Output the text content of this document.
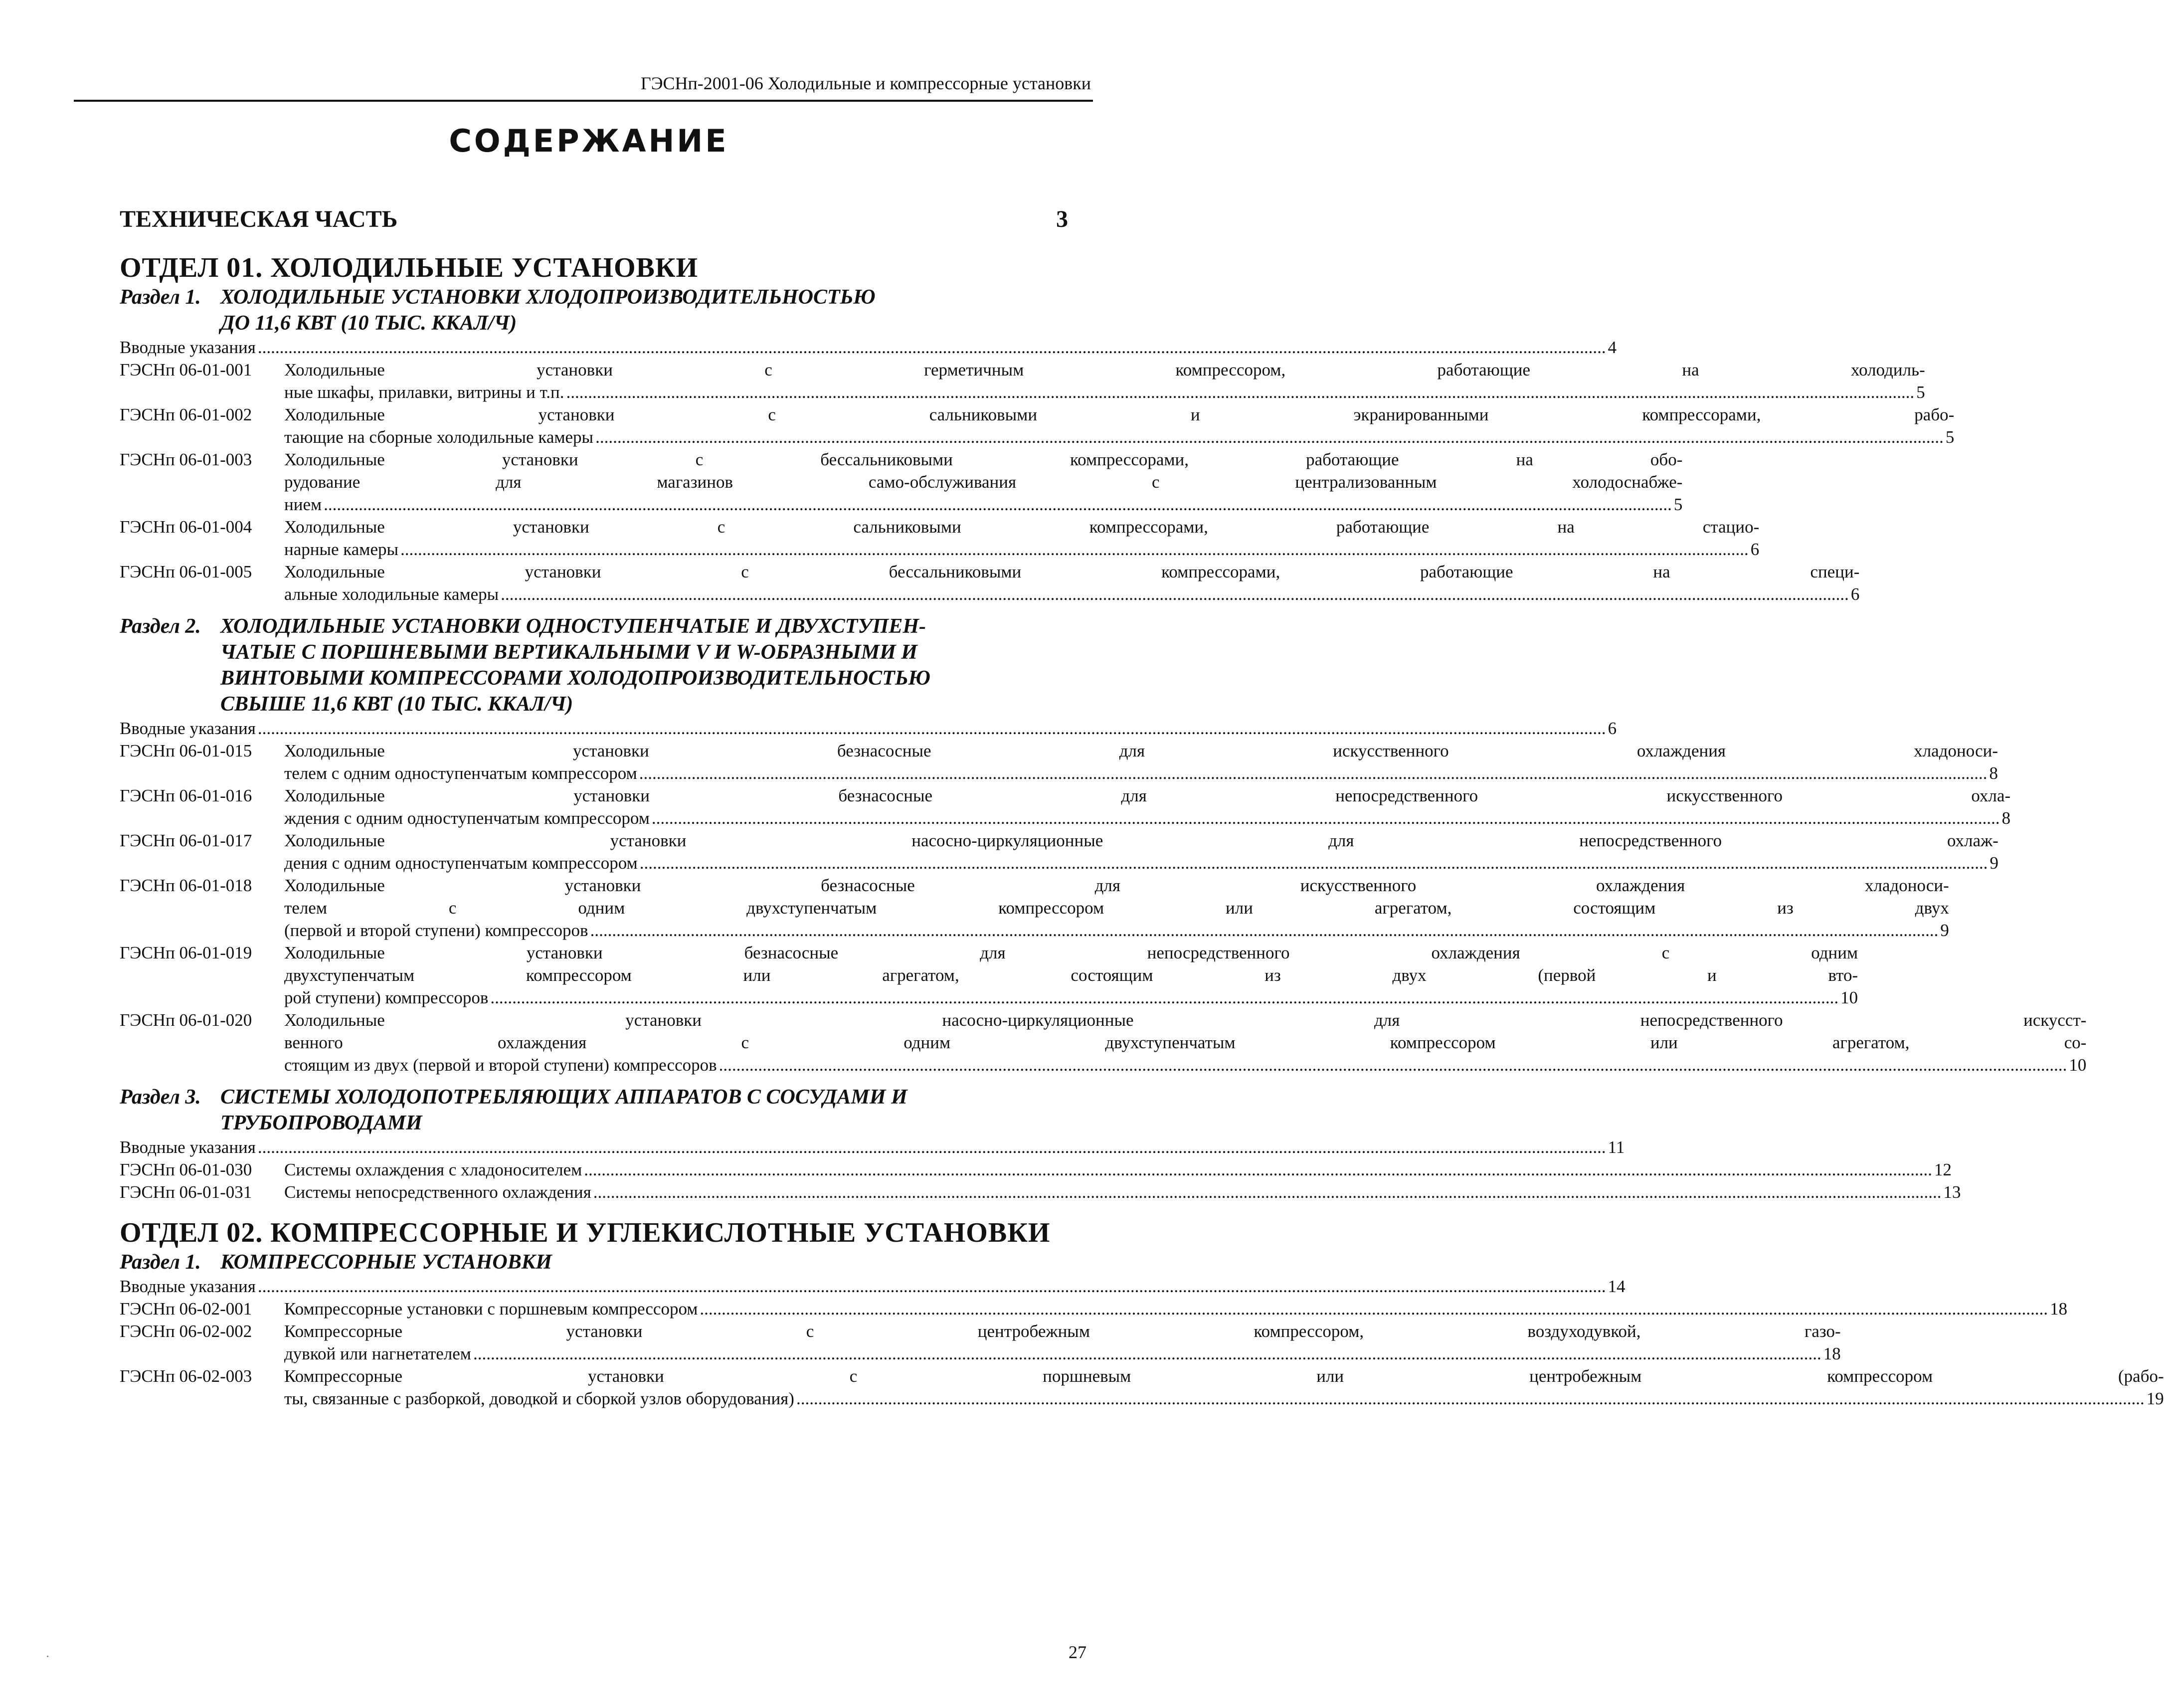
ГЭСНп-2001-06 Холодильные и компрессорные установки
СОДЕРЖАНИЕ
ТЕХНИЧЕСКАЯ ЧАСТЬ	3
ОТДЕЛ 01. ХОЛОДИЛЬНЫЕ УСТАНОВКИ
Раздел 1. ХОЛОДИЛЬНЫЕ УСТАНОВКИ ХЛОДОПРОИЗВОДИТЕЛЬНОСТЬЮ
ДО 11,6 КВТ (10 ТЫС. ККАЛ/Ч)
Вводные указания .....	4
ГЭСНп 06-01-001	Холодильные установки с герметичным компрессором, работающие на холодиль-
ные шкафы, прилавки, витрины и т.п. .....	5
ГЭСНп 06-01-002	Холодильные установки с сальниковыми и экранированными компрессорами, рабо-
тающие на сборные холодильные камеры .....	5
ГЭСНп 06-01-003	Холодильные установки с бессальниковыми компрессорами, работающие на обо-
рудование для магазинов само-обслуживания с централизованным холодоснабже-
нием .....	5
ГЭСНп 06-01-004	Холодильные установки с сальниковыми компрессорами, работающие на стацио-
нарные камеры .....	6
ГЭСНп 06-01-005	Холодильные установки с бессальниковыми компрессорами, работающие на специ-
альные холодильные камеры .....	6
Раздел 2. ХОЛОДИЛЬНЫЕ УСТАНОВКИ ОДНОСТУПЕНЧАТЫЕ И ДВУХСТУПЕН-
ЧАТЫЕ С ПОРШНЕВЫМИ ВЕРТИКАЛЬНЫМИ V И W-ОБРАЗНЫМИ И
ВИНТОВЫМИ КОМПРЕССОРАМИ ХОЛОДОПРОИЗВОДИТЕЛЬНОСТЬЮ
СВЫШЕ 11,6 КВТ (10 ТЫС. ККАЛ/Ч)
Вводные указания .....	6
ГЭСНп 06-01-015	Холодильные установки безнасосные для искусственного охлаждения хладоноси-
телем с одним одноступенчатым компрессором .....	8
ГЭСНп 06-01-016	Холодильные установки безнасосные для непосредственного искусственного охла-
ждения с одним одноступенчатым компрессором .....	8
ГЭСНп 06-01-017	Холодильные установки насосно-циркуляционные для непосредственного охлаж-
дения с одним одноступенчатым компрессором .....	9
ГЭСНп 06-01-018	Холодильные установки безнасосные для искусственного охлаждения хладоноси-
телем с одним двухступенчатым компрессором или агрегатом, состоящим из двух
(первой и второй ступени) компрессоров .....	9
ГЭСНп 06-01-019	Холодильные установки безнасосные для непосредственного охлаждения с одним
двухступенчатым компрессором или агрегатом, состоящим из двух (первой и вто-
рой ступени) компрессоров .....	10
ГЭСНп 06-01-020	Холодильные установки насосно-циркуляционные для непосредственного искусст-
венного охлаждения с одним двухступенчатым компрессором или агрегатом, со-
стоящим из двух (первой и второй ступени) компрессоров .....	10
Раздел 3. СИСТЕМЫ ХОЛОДОПОТРЕБЛЯЮЩИХ АППАРАТОВ С СОСУДАМИ И
ТРУБОПРОВОДАМИ
Вводные указания .....	11
ГЭСНп 06-01-030	Системы охлаждения с хладоносителем .....	12
ГЭСНп 06-01-031	Системы непосредственного охлаждения .....	13
ОТДЕЛ 02. КОМПРЕССОРНЫЕ И УГЛЕКИСЛОТНЫЕ УСТАНОВКИ
Раздел 1. КОМПРЕССОРНЫЕ УСТАНОВКИ
Вводные указания .....	14
ГЭСНп 06-02-001	Компрессорные установки с поршневым компрессором .....	18
ГЭСНп 06-02-002	Компрессорные установки с центробежным компрессором, воздуходувкой, газо-
дувкой или нагнетателем .....	18
ГЭСНп 06-02-003	Компрессорные установки с поршневым или центробежным компрессором (рабо-
ты, связанные с разборкой, доводкой и сборкой узлов оборудования) .....	19
27
